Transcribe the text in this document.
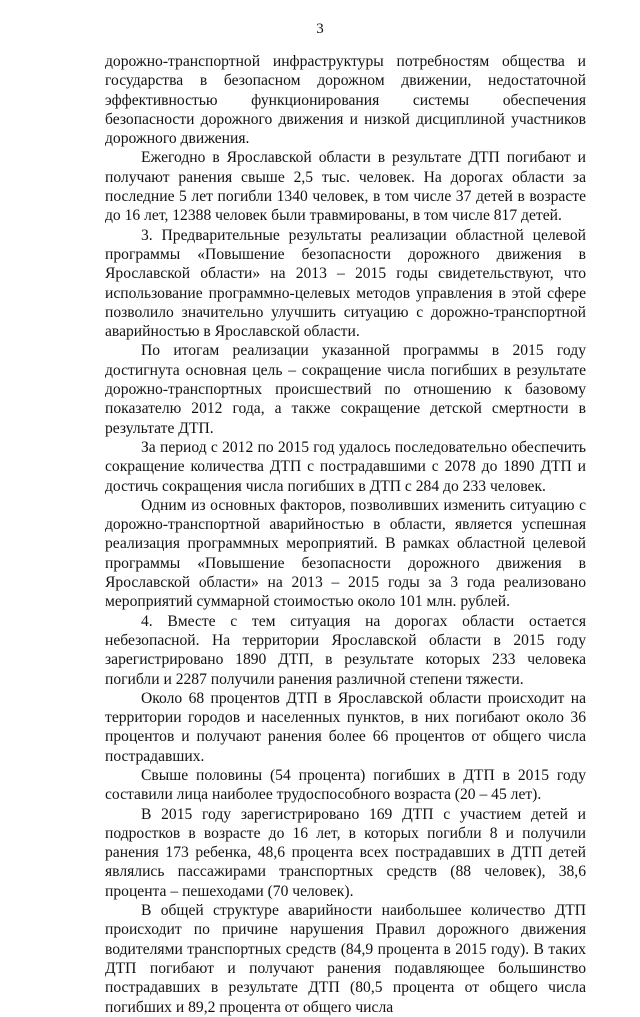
3

дорожно-транспортной инфраструктуры потребностям общества и государства в безопасном дорожном движении, недостаточной эффективностью функционирования системы обеспечения безопасности дорожного движения и низкой дисциплиной участников дорожного движения.

Ежегодно в Ярославской области в результате ДТП погибают и получают ранения свыше 2,5 тыс. человек. На дорогах области за последние 5 лет погибли 1340 человек, в том числе 37 детей в возрасте до 16 лет, 12388 человек были травмированы, в том числе 817 детей.

3. Предварительные результаты реализации областной целевой программы «Повышение безопасности дорожного движения в Ярославской области» на 2013 – 2015 годы свидетельствуют, что использование программно-целевых методов управления в этой сфере позволило значительно улучшить ситуацию с дорожно-транспортной аварийностью в Ярославской области.

По итогам реализации указанной программы в 2015 году достигнута основная цель – сокращение числа погибших в результате дорожно-транспортных происшествий по отношению к базовому показателю 2012 года, а также сокращение детской смертности в результате ДТП.

За период с 2012 по 2015 год удалось последовательно обеспечить сокращение количества ДТП с пострадавшими с 2078 до 1890 ДТП и достичь сокращения числа погибших в ДТП с 284 до 233 человек.

Одним из основных факторов, позволивших изменить ситуацию с дорожно-транспортной аварийностью в области, является успешная реализация программных мероприятий. В рамках областной целевой программы «Повышение безопасности дорожного движения в Ярославской области» на 2013 – 2015 годы за 3 года реализовано мероприятий суммарной стоимостью около 101 млн. рублей.

4. Вместе с тем ситуация на дорогах области остается небезопасной. На территории Ярославской области в 2015 году зарегистрировано 1890 ДТП, в результате которых 233 человека погибли и 2287 получили ранения различной степени тяжести.

Около 68 процентов ДТП в Ярославской области происходит на территории городов и населенных пунктов, в них погибают около 36 процентов и получают ранения более 66 процентов от общего числа пострадавших.

Свыше половины (54 процента) погибших в ДТП в 2015 году составили лица наиболее трудоспособного возраста (20 – 45 лет).

В 2015 году зарегистрировано 169 ДТП с участием детей и подростков в возрасте до 16 лет, в которых погибли 8 и получили ранения 173 ребенка, 48,6 процента всех пострадавших в ДТП детей являлись пассажирами транспортных средств (88 человек), 38,6 процента – пешеходами (70 человек).

В общей структуре аварийности наибольшее количество ДТП происходит по причине нарушения Правил дорожного движения водителями транспортных средств (84,9 процента в 2015 году). В таких ДТП погибают и получают ранения подавляющее большинство пострадавших в результате ДТП (80,5 процента от общего числа погибших и 89,2 процента от общего числа
